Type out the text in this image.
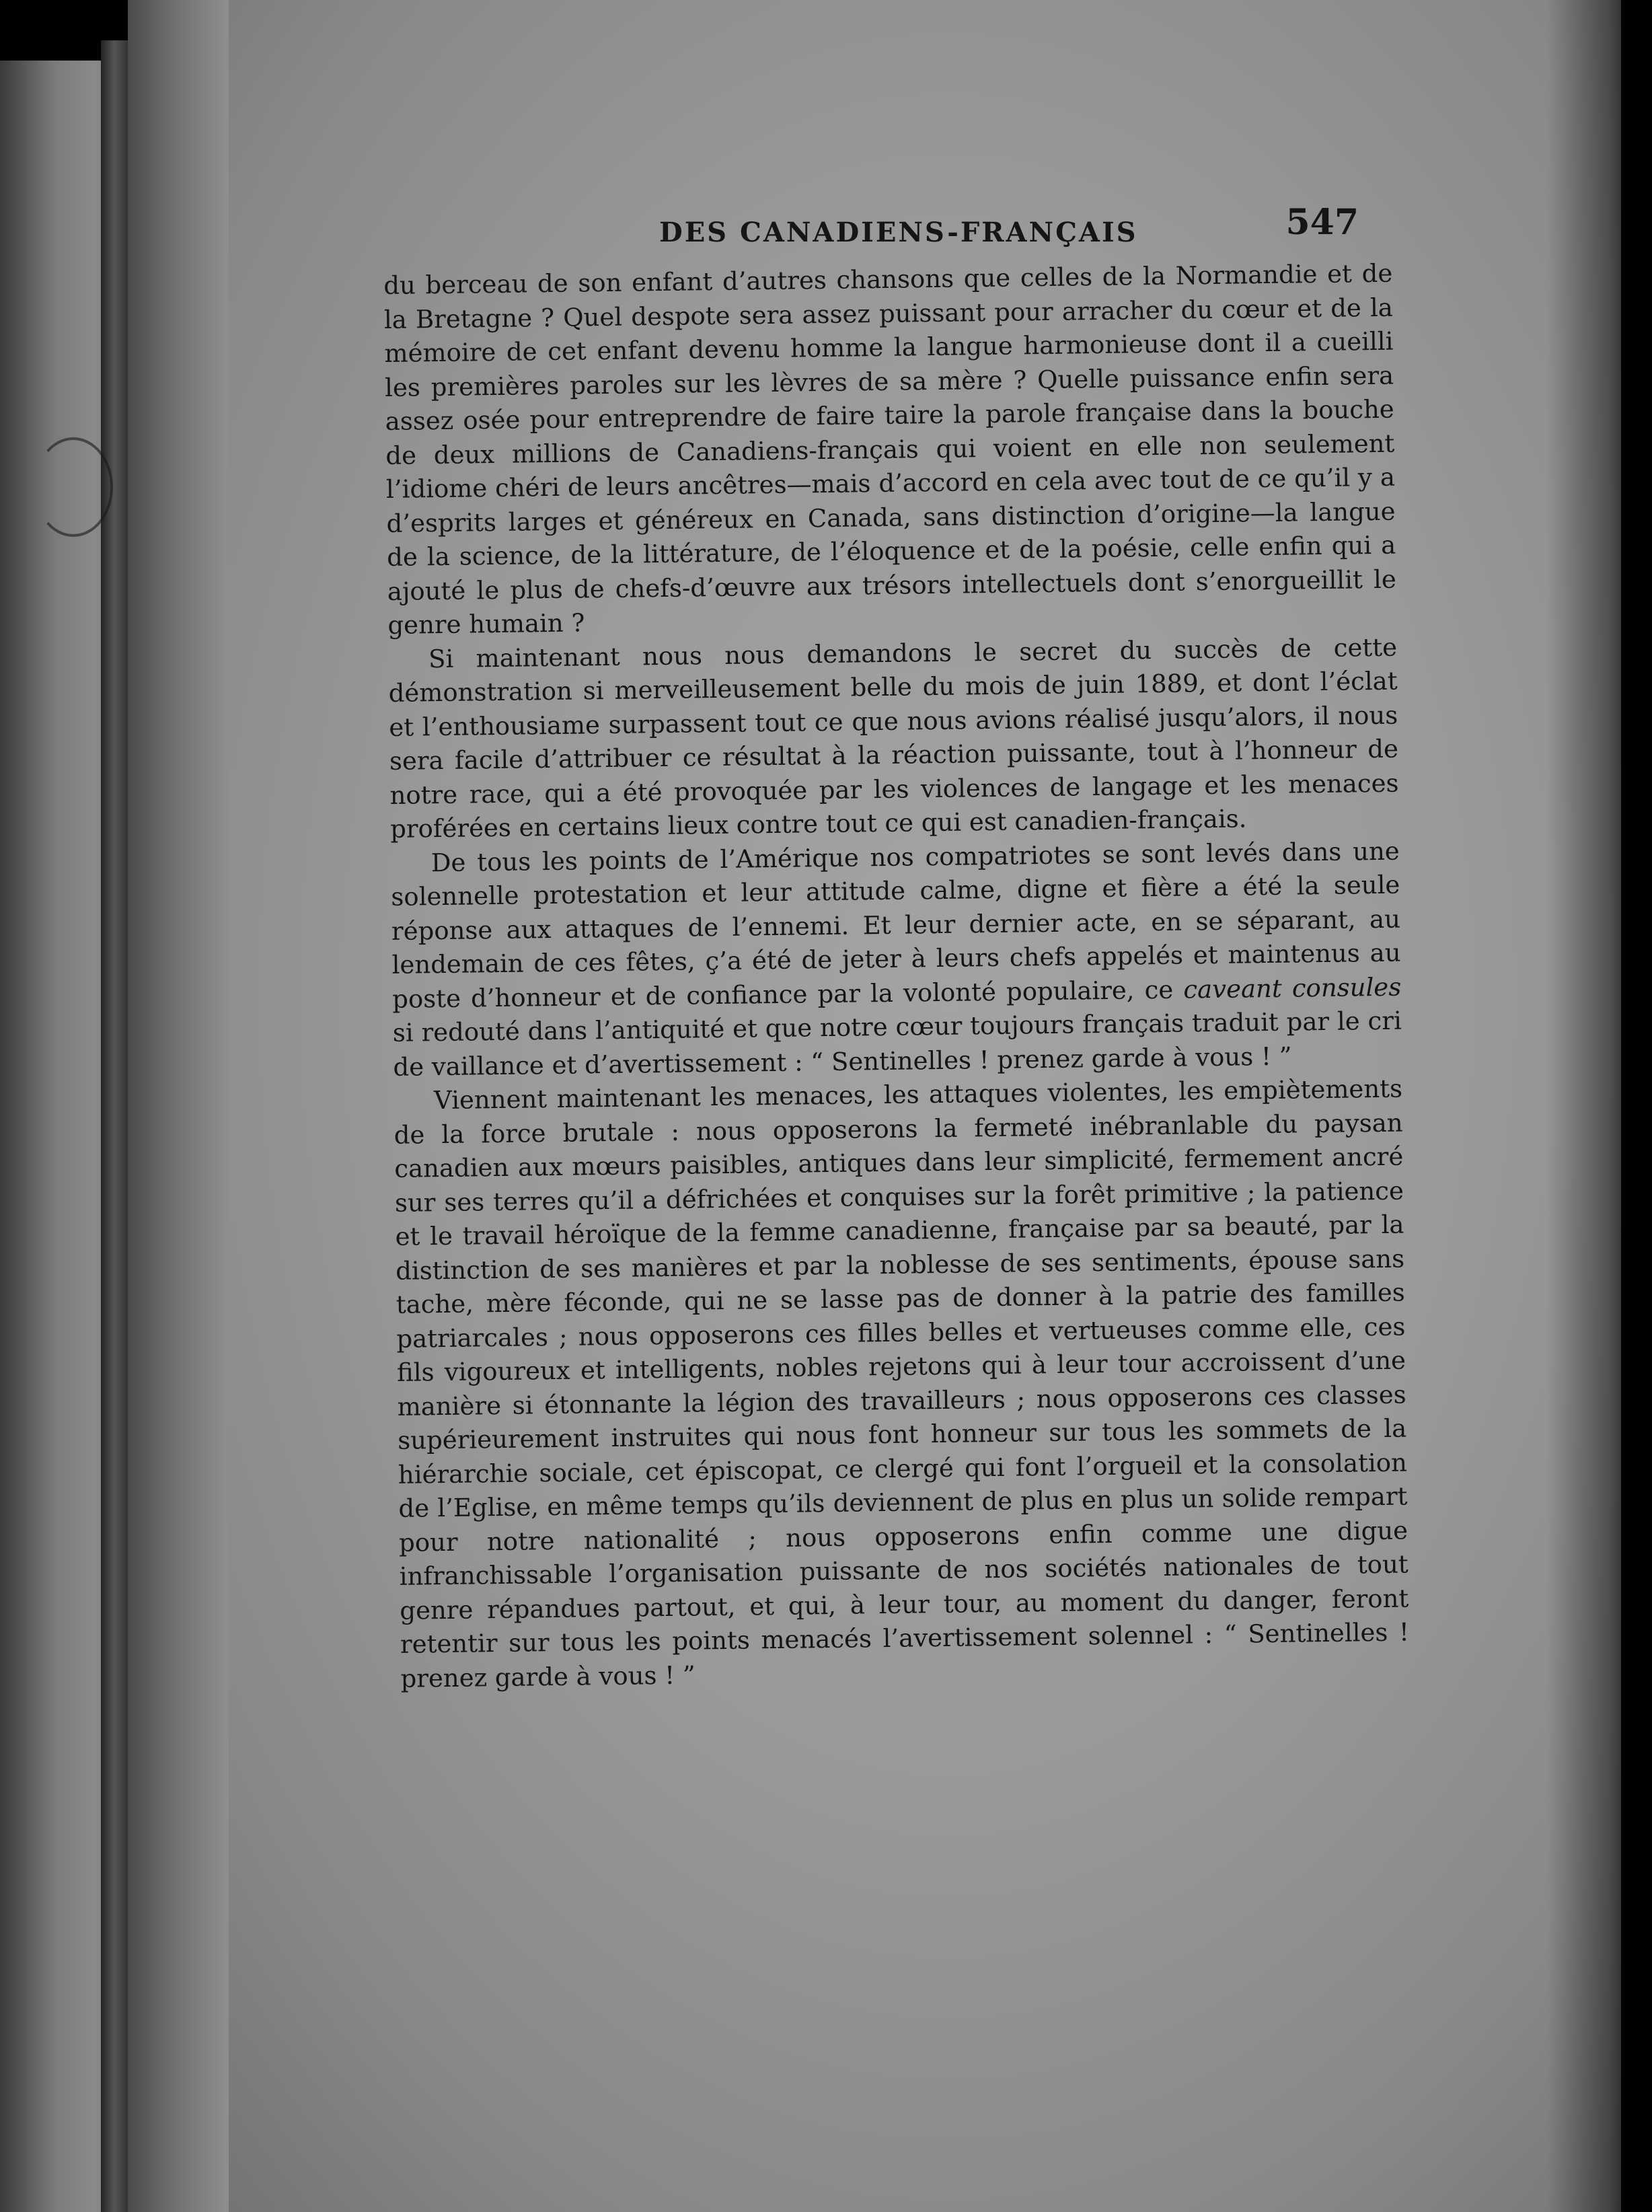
DES CANADIENS-FRANÇAIS	547

du berceau de son enfant d’autres chansons que celles de la Normandie et de la Bretagne ? Quel despote sera assez puissant pour arracher du cœur et de la mémoire de cet enfant devenu homme la langue harmonieuse dont il a cueilli les premières paroles sur les lèvres de sa mère ? Quelle puissance enfin sera assez osée pour entreprendre de faire taire la parole française dans la bouche de deux millions de Canadiens-français qui voient en elle non seulement l’idiome chéri de leurs ancêtres—mais d’accord en cela avec tout de ce qu’il y a d’esprits larges et généreux en Canada, sans distinction d’origine—la langue de la science, de la littérature, de l’éloquence et de la poésie, celle enfin qui a ajouté le plus de chefs-d’œuvre aux trésors intellectuels dont s’enorgueillit le genre humain ?

Si maintenant nous nous demandons le secret du succès de cette démonstration si merveilleusement belle du mois de juin 1889, et dont l’éclat et l’enthousiame surpassent tout ce que nous avions réalisé jusqu’alors, il nous sera facile d’attribuer ce résultat à la réaction puissante, tout à l’honneur de notre race, qui a été provoquée par les violences de langage et les menaces proférées en certains lieux contre tout ce qui est canadien-français.

De tous les points de l’Amérique nos compatriotes se sont levés dans une solennelle protestation et leur attitude calme, digne et fière a été la seule réponse aux attaques de l’ennemi. Et leur dernier acte, en se séparant, au lendemain de ces fêtes, ç’a été de jeter à leurs chefs appelés et maintenus au poste d’honneur et de confiance par la volonté populaire, ce caveant consules si redouté dans l’antiquité et que notre cœur toujours français traduit par le cri de vaillance et d’avertissement : “ Sentinelles ! prenez garde à vous ! ”

Viennent maintenant les menaces, les attaques violentes, les empiètements de la force brutale : nous opposerons la fermeté inébranlable du paysan canadien aux mœurs paisibles, antiques dans leur simplicité, fermement ancré sur ses terres qu’il a défrichées et conquises sur la forêt primitive ; la patience et le travail héroïque de la femme canadienne, française par sa beauté, par la distinction de ses manières et par la noblesse de ses sentiments, épouse sans tache, mère féconde, qui ne se lasse pas de donner à la patrie des familles patriarcales ; nous opposerons ces filles belles et vertueuses comme elle, ces fils vigoureux et intelligents, nobles rejetons qui à leur tour accroissent d’une manière si étonnante la légion des travailleurs ; nous opposerons ces classes supérieurement instruites qui nous font honneur sur tous les sommets de la hiérarchie sociale, cet épiscopat, ce clergé qui font l’orgueil et la consolation de l’Eglise, en même temps qu’ils deviennent de plus en plus un solide rempart pour notre nationalité ; nous opposerons enfin comme une digue infranchissable l’organisation puissante de nos sociétés nationales de tout genre répandues partout, et qui, à leur tour, au moment du danger, feront retentir sur tous les points menacés l’avertissement solennel : “ Sentinelles ! prenez garde à vous ! ”
